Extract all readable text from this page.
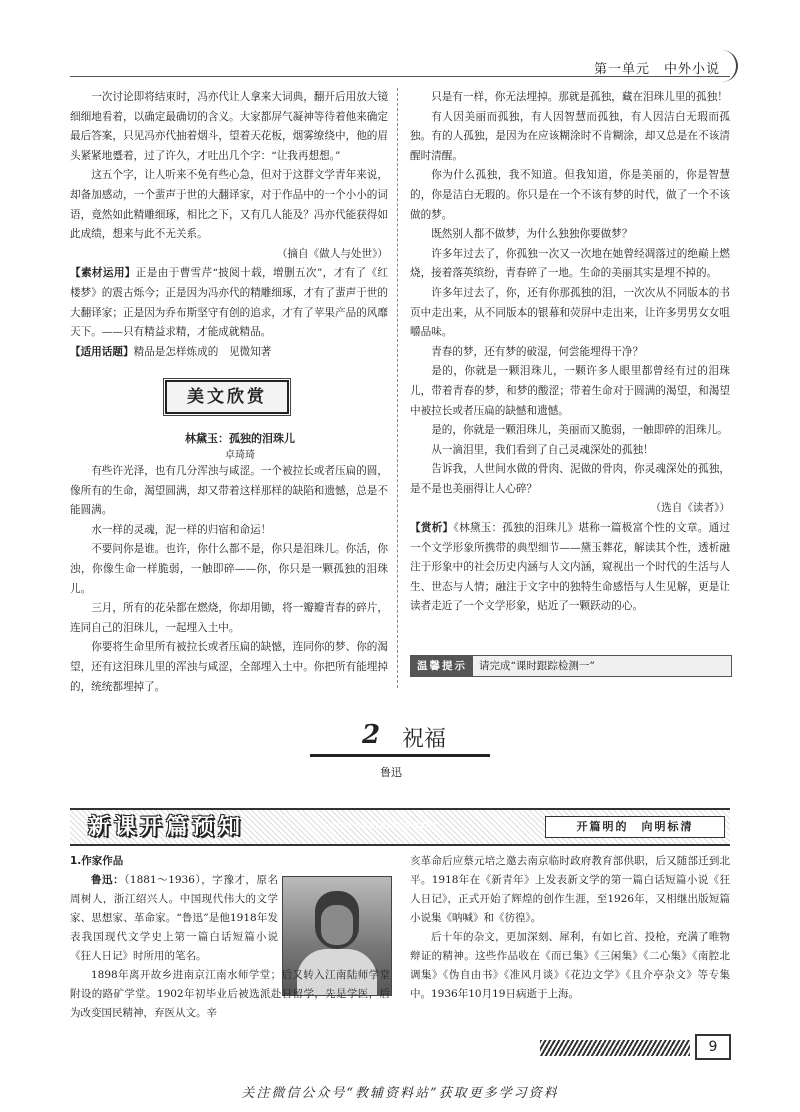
第一单元　中外小说

一次讨论即将结束时，冯亦代让人拿来大词典，翻开后用放大镜细细地看着，以确定最确切的含义。大家都屏气凝神等待着他来确定最后答案，只见冯亦代抽着烟斗，望着天花板，烟雾缭绕中，他的眉头紧紧地蹙着，过了许久，才吐出几个字：“让我再想想。”

这五个字，让人听来不免有些心急，但对于这群文学青年来说，却备加感动，一个蜚声于世的大翻译家，对于作品中的一个小小的词语，竟然如此精雕细琢，相比之下，又有几人能及？冯亦代能获得如此成绩，想来与此不无关系。

（摘自《做人与处世》）

【素材运用】正是由于曹雪芹“披阅十载，增删五次”，才有了《红楼梦》的震古烁今；正是因为冯亦代的精雕细琢，才有了蜚声于世的大翻译家；正是因为乔布斯坚守有创的追求，才有了苹果产品的风靡天下。——只有精益求精，才能成就精品。

【适用话题】精品是怎样炼成的　见微知著

美文欣赏
林黛玉：孤独的泪珠儿
卓琦琦

有些许光泽，也有几分浑浊与咸涩。一个被拉长或者压扁的圆，像所有的生命，渴望圆满，却又带着这样那样的缺陷和遗憾，总是不能圆满。

水一样的灵魂，泥一样的归宿和命运！

不要问你是谁。也许，你什么都不是，你只是泪珠儿。你活，你浊，你像生命一样脆弱，一触即碎——你，你只是一颗孤独的泪珠儿。

三月，所有的花朵都在燃烧，你却用锄，将一瓣瓣青春的碎片，连同自己的泪珠儿，一起埋入土中。

你要将生命里所有被拉长或者压扁的缺憾，连同你的梦、你的渴望，还有这泪珠儿里的浑浊与咸涩，全部埋入土中。你把所有能埋掉的，统统都埋掉了。

只是有一样，你无法埋掉。那就是孤独，藏在泪珠儿里的孤独！

有人因美丽而孤独，有人因智慧而孤独，有人因洁白无瑕而孤独。有的人孤独，是因为在应该糊涂时不肯糊涂，却又总是在不该清醒时清醒。

你为什么孤独，我不知道。但我知道，你是美丽的，你是智慧的，你是洁白无瑕的。你只是在一个不该有梦的时代，做了一个不该做的梦。

既然别人都不做梦，为什么独独你要做梦？

许多年过去了，你孤独一次又一次地在她曾经凋落过的绝巅上燃烧，接着落英缤纷，青春碎了一地。生命的美丽其实是埋不掉的。

许多年过去了，你，还有你那孤独的泪，一次次从不同版本的书页中走出来，从不同版本的银幕和荧屏中走出来，让许多男男女女咀嚼品味。

青春的梦，还有梦的破湿，何尝能埋得干净？

是的，你就是一颗泪珠儿，一颗许多人眼里都曾经有过的泪珠儿，带着青春的梦，和梦的酸涩；带着生命对于圆满的渴望，和渴望中被拉长或者压扁的缺憾和遗憾。

是的，你就是一颗泪珠儿，美丽而又脆弱，一触即碎的泪珠儿。

从一滴泪里，我们看到了自己灵魂深处的孤独！

告诉我，人世间水做的骨肉、泥做的骨肉，你灵魂深处的孤独，是不是也美丽得让人心碎？

（选自《读者》）

【赏析】《林黛玉：孤独的泪珠儿》堪称一篇极富个性的文章。通过一个文学形象所携带的典型细节——黛玉葬花，解读其个性，透析融注于形象中的社会历史内涵与人文内涵，窥视出一个时代的生活与人生、世态与人情；融注于文字中的独特生命感悟与人生见解，更是让读者走近了一个文学形象，贴近了一颗跃动的心。

温馨提示 请完成“课时跟踪检测一”
2 祝福
鲁迅
新课开篇预知	xinkekaipianyuzhi	开篇明的　向明标清

1.作家作品

鲁迅：（1881～1936），字豫才，原名周树人，浙江绍兴人。中国现代伟大的文学家、思想家、革命家。“鲁迅”是他1918年发表我国现代文学史上第一篇白话短篇小说《狂人日记》时所用的笔名。

1898年离开故乡进南京江南水师学堂；后又转入江南陆师学堂附设的路矿学堂。1902年初毕业后被选派赴日留学，先是学医，后为改变国民精神，弃医从文。辛

亥革命后应蔡元培之邀去南京临时政府教育部供职，后又随部迁到北平。1918年在《新青年》上发表新文学的第一篇白话短篇小说《狂人日记》，正式开始了辉煌的创作生涯，至1926年，又相继出版短篇小说集《呐喊》和《彷徨》。

后十年的杂文，更加深刻、犀利，有如匕首、投枪，充满了唯物辩证的精神。这些作品收在《而已集》《三闲集》《二心集》《南腔北调集》《伪自由书》《准风月谈》《花边文学》《且介亭杂文》等专集中。1936年10月19日病逝于上海。

9
关注微信公众号“教辅资料站”获取更多学习资料
